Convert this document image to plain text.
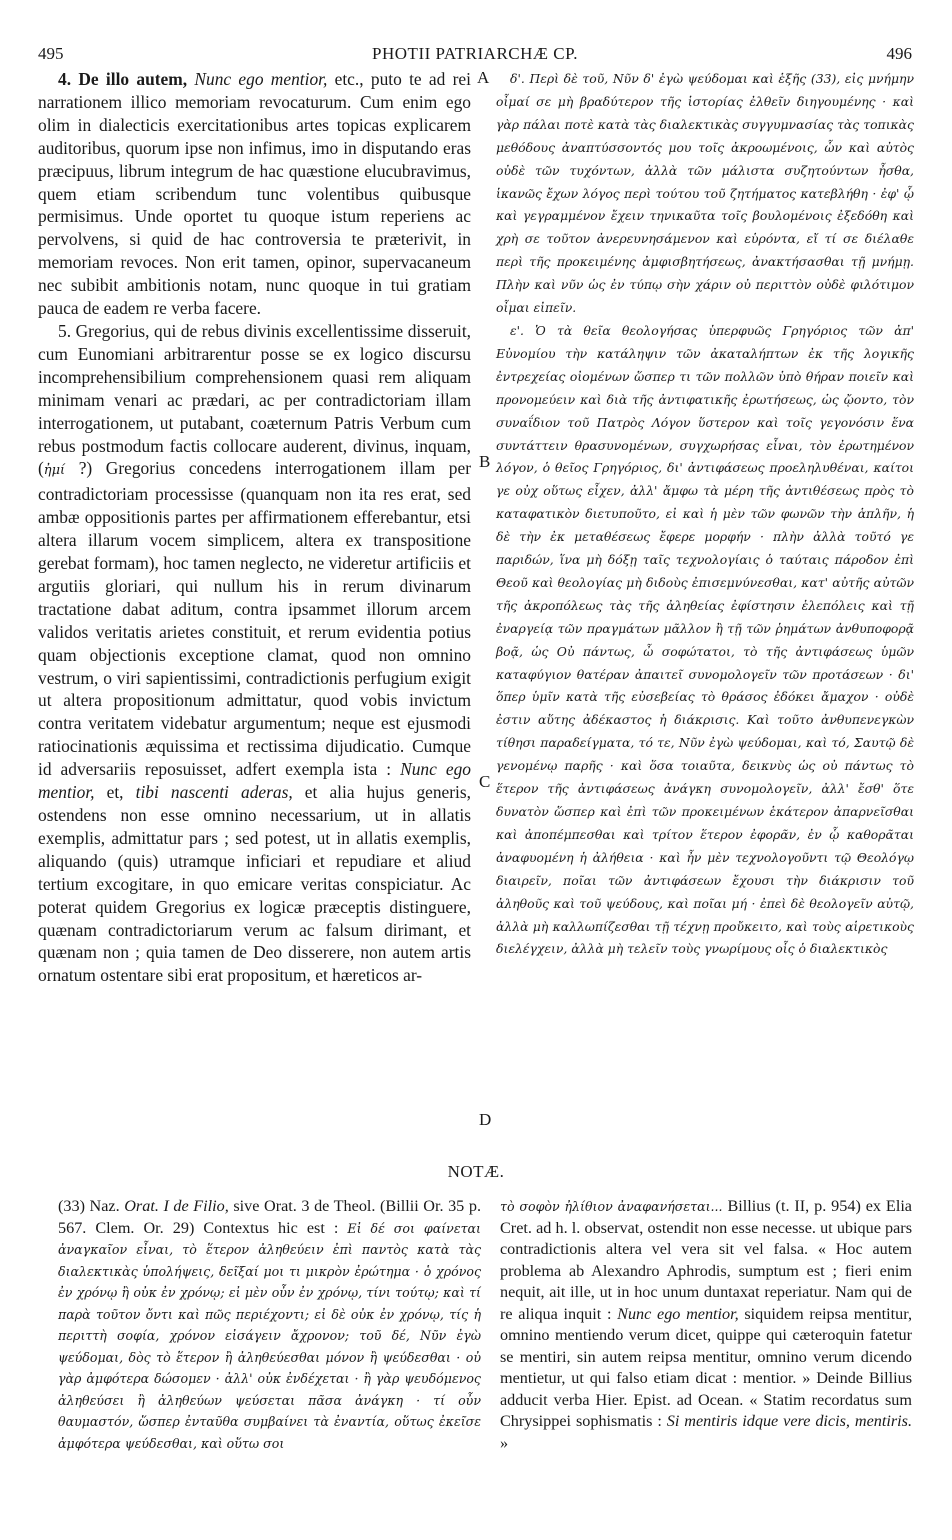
495	PHOTII PATRIARCHÆ CP.	496

4. De illo autem, Nunc ego mentior, etc., puto te ad rei narrationem illico memoriam revocaturum. Cum enim ego olim in dialecticis exercitationibus artes topicas explicarem auditoribus, quorum ipse non infimus, imo in disputando eras præcipuus, librum integrum de hac quæstione elucubravimus, quem etiam scribendum tunc volentibus quibusque permisimus. Unde oportet tu quoque istum reperiens ac pervolvens, si quid de hac controversia te præterivit, in memoriam revoces. Non erit tamen, opinor, supervacaneum nec subibit ambitionis notam, nunc quoque in tui gratiam pauca de eadem re verba facere.

5. Gregorius, qui de rebus divinis excellentissime disseruit, cum Eunomiani arbitrarentur posse se ex logico discursu incomprehensibilium comprehensionem quasi rem aliquam minimam venari ac prædari, ac per contradictoriam illam interrogationem, ut putabant, coæternum Patris Verbum cum rebus postmodum factis collocare auderent, divinus, inquam, (ἠμί ?) Gregorius concedens interrogationem illam per contradictoriam processisse (quanquam non ita res erat, sed ambæ oppositionis partes per affirmationem efferebantur, etsi altera illarum vocem simplicem, altera ex transpositione gerebat formam), hoc tamen neglecto, ne videretur artificiis et argutiis gloriari, qui nullum his in rerum divinarum tractatione dabat aditum, contra ipsammet illorum arcem validos veritatis arietes constituit, et rerum evidentia potius quam objectionis exceptione clamat, quod non omnino vestrum, o viri sapientissimi, contradictionis perfugium exigit ut altera propositionum admittatur, quod vobis invictum contra veritatem videbatur argumentum; neque est ejusmodi ratiocinationis æquissima et rectissima dijudicatio. Cumque id adversariis reposuisset, adfert exempla ista : Nunc ego mentior, et, tibi nascenti aderas, et alia hujus generis, ostendens non esse omnino necessarium, ut in allatis exemplis, admittatur pars ; sed potest, ut in allatis exemplis, aliquando (quis) utramque inficiari et repudiare et aliud tertium excogitare, in quo emicare veritas conspiciatur. Ac poterat quidem Gregorius ex logicæ præceptis distinguere, quænam contradictoriarum verum ac falsum dirimant, et quænam non ; quia tamen de Deo disserere, non autem artis ornatum ostentare sibi erat propositum, et hæreticos ar-

A
B
C
D

δ'. Περὶ δὲ τοῦ, Νῦν δ' ἐγὼ ψεύδομαι καὶ ἑξῆς (33), εἰς μνήμην οἶμαί σε μὴ βραδύτερον τῆς ἱστορίας ἐλθεῖν διηγουμένης · καὶ γὰρ πάλαι ποτὲ κατὰ τὰς διαλεκτικὰς συγγυμνασίας τὰς τοπικὰς μεθόδους ἀναπτύσσοντός μου τοῖς ἀκροωμένοις, ὧν καὶ αὐτὸς οὐδὲ τῶν τυχόντων, ἀλλὰ τῶν μάλιστα συζητούντων ἦσθα, ἱκανῶς ἔχων λόγος περὶ τούτου τοῦ ζητήματος κατεβλήθη · ἐφ' ᾧ καὶ γεγραμμένον ἔχειν τηνικαῦτα τοῖς βουλομένοις ἐξεδόθη καὶ χρὴ σε τοῦτον ἀνερευνησάμενον καὶ εὑρόντα, εἴ τί σε διέλαθε περὶ τῆς προκειμένης ἀμφισβητήσεως, ἀνακτήσασθαι τῇ μνήμῃ. Πλὴν καὶ νῦν ὡς ἐν τύπῳ σὴν χάριν οὐ περιττὸν οὐδὲ φιλότιμον οἶμαι εἰπεῖν.

ε'. Ὁ τὰ θεῖα θεολογήσας ὑπερφυῶς Γρηγόριος τῶν ἀπ' Εὐνομίου τὴν κατάληψιν τῶν ἀκαταλήπτων ἐκ τῆς λογικῆς ἐντρεχείας οἰομένων ὥσπερ τι τῶν πολλῶν ὑπὸ θήραν ποιεῖν καὶ προνομεύειν καὶ διὰ τῆς ἀντιφατικῆς ἐρωτήσεως, ὡς ᾤοντο, τὸν συναΐδιον τοῦ Πατρὸς Λόγον ὕστερον καὶ τοῖς γεγονόσιν ἕνα συντάττειν θρασυνομένων, συγχωρήσας εἶναι, τὸν ἐρωτημένον λόγον, ὁ θεῖος Γρηγόριος, δι' ἀντιφάσεως προεληλυθέναι, καίτοι γε οὐχ οὕτως εἶχεν, ἀλλ' ἄμφω τὰ μέρη τῆς ἀντιθέσεως πρὸς τὸ καταφατικὸν διετυποῦτο, εἰ καὶ ἡ μὲν τῶν φωνῶν τὴν ἁπλῆν, ἡ δὲ τὴν ἐκ μεταθέσεως ἔφερε μορφήν · πλὴν ἀλλὰ τοῦτό γε παριδών, ἵνα μὴ δόξῃ ταῖς τεχνολογίαις ὁ ταύταις πάροδον ἐπὶ Θεοῦ καὶ θεολογίας μὴ διδοὺς ἐπισεμνύνεσθαι, κατ' αὐτῆς αὐτῶν τῆς ἀκροπόλεως τὰς τῆς ἀληθείας ἐφίστησιν ἑλεπόλεις καὶ τῇ ἐναργείᾳ τῶν πραγμάτων μᾶλλον ἢ τῇ τῶν ῥημάτων ἀνθυποφορᾷ βοᾷ, ὡς Οὐ πάντως, ὦ σοφώτατοι, τὸ τῆς ἀντιφάσεως ὑμῶν καταφύγιον θατέραν ἀπαιτεῖ συνομολογεῖν τῶν προτάσεων · δι' ὅπερ ὑμῖν κατὰ τῆς εὐσεβείας τὸ θράσος ἐδόκει ἄμαχον · οὐδὲ ἐστιν αὕτης ἀδέκαστος ἡ διάκρισις. Καὶ τοῦτο ἀνθυπενεγκὼν τίθησι παραδείγματα, τό τε, Νῦν ἐγὼ ψεύδομαι, καὶ τό, Σαυτῷ δὲ γενομένῳ παρῆς · καὶ ὅσα τοιαῦτα, δεικνὺς ὡς οὐ πάντως τὸ ἕτερον τῆς ἀντιφάσεως ἀνάγκη συνομολογεῖν, ἀλλ' ἔσθ' ὅτε δυνατὸν ὥσπερ καὶ ἐπὶ τῶν προκειμένων ἑκάτερον ἀπαρνεῖσθαι καὶ ἀποπέμπεσθαι καὶ τρίτον ἕτερον ἐφορᾶν, ἐν ᾧ καθορᾶται ἀναφυομένη ἡ ἀλήθεια · καὶ ἦν μὲν τεχνολογοῦντι τῷ Θεολόγῳ διαιρεῖν, ποῖαι τῶν ἀντιφάσεων ἔχουσι τὴν διάκρισιν τοῦ ἀληθοῦς καὶ τοῦ ψεύδους, καὶ ποῖαι μή · ἐπεὶ δὲ θεολογεῖν αὐτῷ, ἀλλὰ μὴ καλλωπίζεσθαι τῇ τέχνῃ προὔκειτο, καὶ τοὺς αἱρετικοὺς διελέγχειν, ἀλλὰ μὴ τελεῖν τοὺς γνωρίμους οἷς ὁ διαλεκτικὸς

NOTÆ.
(33) Naz. Orat. I de Filio, sive Orat. 3 de Theol. (Billii Or. 35 p. 567. Clem. Or. 29) Contextus hic est : Εἰ δέ σοι φαίνεται ἀναγκαῖον εἶναι, τὸ ἕτερον ἀληθεύειν ἐπὶ παντὸς κατὰ τὰς διαλεκτικὰς ὑπολήψεις, δεῖξαί μοι τι μικρὸν ἐρώτημα · ὁ χρόνος ἐν χρόνῳ ἢ οὐκ ἐν χρόνῳ; εἰ μὲν οὖν ἐν χρόνῳ, τίνι τούτῳ; καὶ τί παρὰ τοῦτον ὄντι καὶ πῶς περιέχοντι; εἰ δὲ οὐκ ἐν χρόνῳ, τίς ἡ περιττὴ σοφία, χρόνον εἰσάγειν ἄχρονον; τοῦ δέ, Νῦν ἐγὼ ψεύδομαι, δὸς τὸ ἕτερον ἢ ἀληθεύεσθαι μόνον ἢ ψεύδεσθαι · οὐ γὰρ ἀμφότερα δώσομεν · ἀλλ' οὐκ ἐνδέχεται · ἢ γὰρ ψευδόμενος ἀληθεύσει ἢ ἀληθεύων ψεύσεται πᾶσα ἀνάγκη · τί οὖν θαυμαστόν, ὥσπερ ἐνταῦθα συμβαίνει τὰ ἐναντία, οὕτως ἐκεῖσε ἀμφότερα ψεύδεσθαι, καὶ οὕτω σοι
τὸ σοφὸν ἠλίθιον ἀναφανήσεται... Billius (t. II, p. 954) ex Elia Cret. ad h. l. observat, ostendit non esse necesse. ut ubique pars contradictionis altera vel vera sit vel falsa. « Hoc autem problema ab Alexandro Aphrodis, sumptum est ; fieri enim nequit, ait ille, ut in hoc unum duntaxat reperiatur. Nam qui de re aliqua inquit : Nunc ego mentior, siquidem reipsa mentitur, omnino mentiendo verum dicet, quippe qui cæteroquin fatetur se mentiri, sin autem reipsa mentitur, omnino verum dicendo mentietur, ut qui falso etiam dicat : mentior. » Deinde Billius adducit verba Hier. Epist. ad Ocean. « Statim recordatus sum Chrysippei sophismatis : Si mentiris idque vere dicis, mentiris. »
